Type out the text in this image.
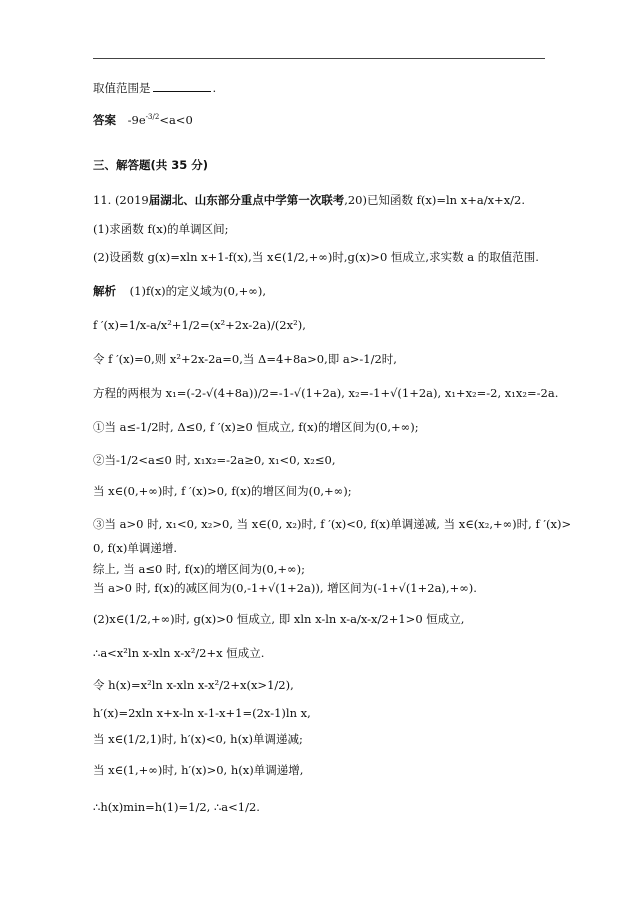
取值范围是	.
答案 $-9e^{-3/2}<a<0$
三、解答题(共 35 分)
11. (2019届湖北、山东部分重点中学第一次联考,20)已知函数 f(x)=ln x+a/x+x/2.
(1)求函数 f(x)的单调区间;
(2)设函数 g(x)=xln x+1-f(x),当 x∈(1/2,+∞)时,g(x)>0 恒成立,求实数 a 的取值范围.
解析 (1)f(x)的定义域为(0,+∞),
f ′(x)=1/x-a/x²+1/2=(x²+2x-2a)/(2x²),
令 f ′(x)=0,则 x²+2x-2a=0,当 Δ=4+8a>0,即 a>-1/2时,
方程的两根为 x₁=(-2-√(4+8a))/2=-1-√(1+2a), x₂=-1+√(1+2a), x₁+x₂=-2, x₁x₂=-2a.
①当 a≤-1/2时, Δ≤0, f ′(x)≥0 恒成立, f(x)的增区间为(0,+∞);
②当-1/2<a≤0 时, x₁x₂=-2a≥0, x₁<0, x₂≤0,
当 x∈(0,+∞)时, f ′(x)>0, f(x)的增区间为(0,+∞);
③当 a>0 时, x₁<0, x₂>0, 当 x∈(0, x₂)时, f ′(x)<0, f(x)单调递减, 当 x∈(x₂,+∞)时, f ′(x)>
0, f(x)单调递增.
综上, 当 a≤0 时, f(x)的增区间为(0,+∞);
当 a>0 时, f(x)的减区间为(0,-1+√(1+2a)), 增区间为(-1+√(1+2a),+∞).
(2)x∈(1/2,+∞)时, g(x)>0 恒成立, 即 xln x-ln x-a/x-x/2+1>0 恒成立,
∴a<x²ln x-xln x-x²/2+x 恒成立.
令 h(x)=x²ln x-xln x-x²/2+x(x>1/2),
h′(x)=2xln x+x-ln x-1-x+1=(2x-1)ln x,
当 x∈(1/2,1)时, h′(x)<0, h(x)单调递减;
当 x∈(1,+∞)时, h′(x)>0, h(x)单调递增,
∴h(x)min=h(1)=1/2, ∴a<1/2.
